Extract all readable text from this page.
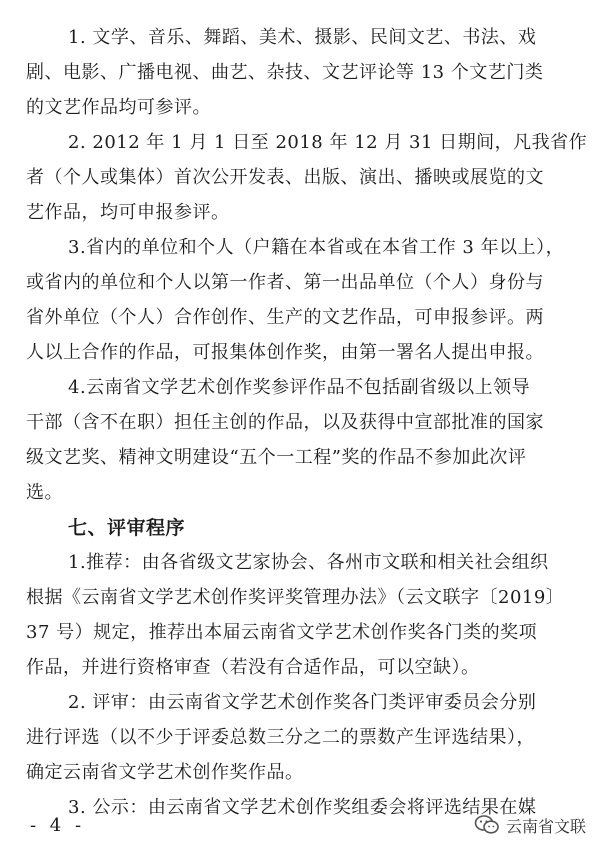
1. 文学、音乐、舞蹈、美术、摄影、民间文艺、书法、戏
剧、电影、广播电视、曲艺、杂技、文艺评论等 13 个文艺门类
的文艺作品均可参评。
2. 2012 年 1 月 1 日至 2018 年 12 月 31 日期间，凡我省作
者（个人或集体）首次公开发表、出版、演出、播映或展览的文
艺作品，均可申报参评。
3.省内的单位和个人（户籍在本省或在本省工作 3 年以上），
或省内的单位和个人以第一作者、第一出品单位（个人）身份与
省外单位（个人）合作创作、生产的文艺作品，可申报参评。两
人以上合作的作品，可报集体创作奖，由第一署名人提出申报。
4.云南省文学艺术创作奖参评作品不包括副省级以上领导
干部（含不在职）担任主创的作品，以及获得中宣部批准的国家
级文艺奖、精神文明建设“五个一工程”奖的作品不参加此次评
选。
七、评审程序
1.推荐：由各省级文艺家协会、各州市文联和相关社会组织
根据《云南省文学艺术创作奖评奖管理办法》（云文联字〔2019〕
37 号）规定，推荐出本届云南省文学艺术创作奖各门类的奖项
作品，并进行资格审查（若没有合适作品，可以空缺）。
2. 评审：由云南省文学艺术创作奖各门类评审委员会分别
进行评选（以不少于评委总数三分之二的票数产生评选结果），
确定云南省文学艺术创作奖作品。
3. 公示：由云南省文学艺术创作奖组委会将评选结果在媒
- 4 -	云南省文联
